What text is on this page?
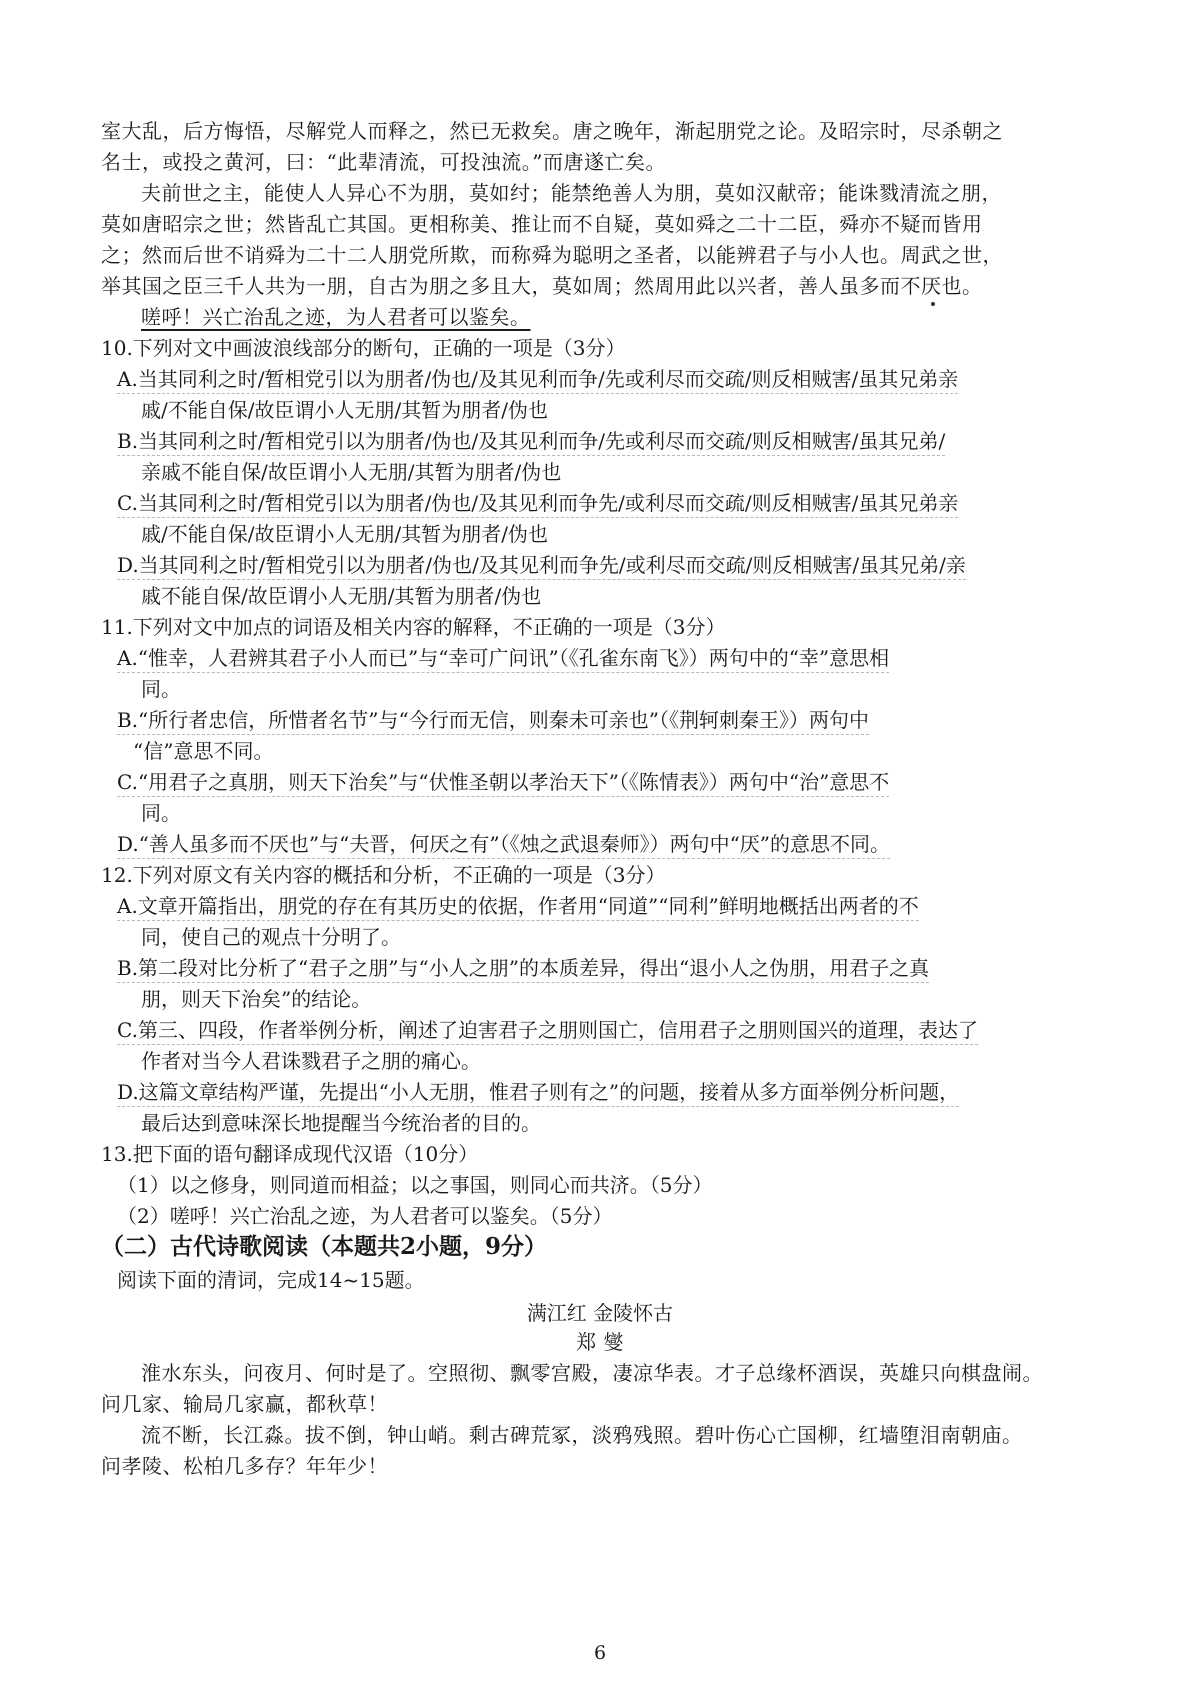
室大乱，后方悔悟，尽解党人而释之，然已无救矣。唐之晚年，渐起朋党之论。及昭宗时，尽杀朝之
名士，或投之黄河，曰：“此辈清流，可投浊流。”而唐遂亡矣。
夫前世之主，能使人人异心不为朋，莫如纣；能禁绝善人为朋，莫如汉献帝；能诛戮清流之朋，
莫如唐昭宗之世；然皆乱亡其国。更相称美、推让而不自疑，莫如舜之二十二臣，舜亦不疑而皆用
之；然而后世不诮舜为二十二人朋党所欺，而称舜为聪明之圣者，以能辨君子与小人也。周武之世，
举其国之臣三千人共为一朋，自古为朋之多且大，莫如周；然周用此以兴者，善人虽多而不厌也。
嗟呼！兴亡治乱之迹，为人君者可以鉴矣。
10.下列对文中画波浪线部分的断句，正确的一项是（3分）
A.当其同利之时/暂相党引以为朋者/伪也/及其见利而争/先或利尽而交疏/则反相贼害/虽其兄弟亲
戚/不能自保/故臣谓小人无朋/其暂为朋者/伪也
B.当其同利之时/暂相党引以为朋者/伪也/及其见利而争/先或利尽而交疏/则反相贼害/虽其兄弟/
亲戚不能自保/故臣谓小人无朋/其暂为朋者/伪也
C.当其同利之时/暂相党引以为朋者/伪也/及其见利而争先/或利尽而交疏/则反相贼害/虽其兄弟亲
戚/不能自保/故臣谓小人无朋/其暂为朋者/伪也
D.当其同利之时/暂相党引以为朋者/伪也/及其见利而争先/或利尽而交疏/则反相贼害/虽其兄弟/亲
戚不能自保/故臣谓小人无朋/其暂为朋者/伪也
11.下列对文中加点的词语及相关内容的解释，不正确的一项是（3分）
A.“惟幸，人君辨其君子小人而已”与“幸可广问讯”（《孔雀东南飞》）两句中的“幸”意思相
同。
B.“所行者忠信，所惜者名节”与“今行而无信，则秦未可亲也”（《荆轲刺秦王》）两句中
“信”意思不同。
C.“用君子之真朋，则天下治矣”与“伏惟圣朝以孝治天下”（《陈情表》）两句中“治”意思不
同。
D.“善人虽多而不厌也”与“夫晋，何厌之有”（《烛之武退秦师》）两句中“厌”的意思不同。
12.下列对原文有关内容的概括和分析，不正确的一项是（3分）
A.文章开篇指出，朋党的存在有其历史的依据，作者用“同道”“同利”鲜明地概括出两者的不
同，使自己的观点十分明了。
B.第二段对比分析了“君子之朋”与“小人之朋”的本质差异，得出“退小人之伪朋，用君子之真
朋，则天下治矣”的结论。
C.第三、四段，作者举例分析，阐述了迫害君子之朋则国亡，信用君子之朋则国兴的道理，表达了
作者对当今人君诛戮君子之朋的痛心。
D.这篇文章结构严谨，先提出“小人无朋，惟君子则有之”的问题，接着从多方面举例分析问题，
最后达到意味深长地提醒当今统治者的目的。
13.把下面的语句翻译成现代汉语（10分）
（1）以之修身，则同道而相益；以之事国，则同心而共济。（5分）
（2）嗟呼！兴亡治乱之迹，为人君者可以鉴矣。（5分）
（二）古代诗歌阅读（本题共2小题，9分）
阅读下面的清词，完成14~15题。
满江红 金陵怀古
郑 燮
淮水东头，问夜月、何时是了。空照彻、飘零宫殿，凄凉华表。才子总缘杯酒误，英雄只向棋盘闹。
问几家、输局几家赢，都秋草！
流不断，长江淼。拔不倒，钟山峭。剩古碑荒冢，淡鸦残照。碧叶伤心亡国柳，红墙堕泪南朝庙。
问孝陵、松柏几多存？年年少！
6
